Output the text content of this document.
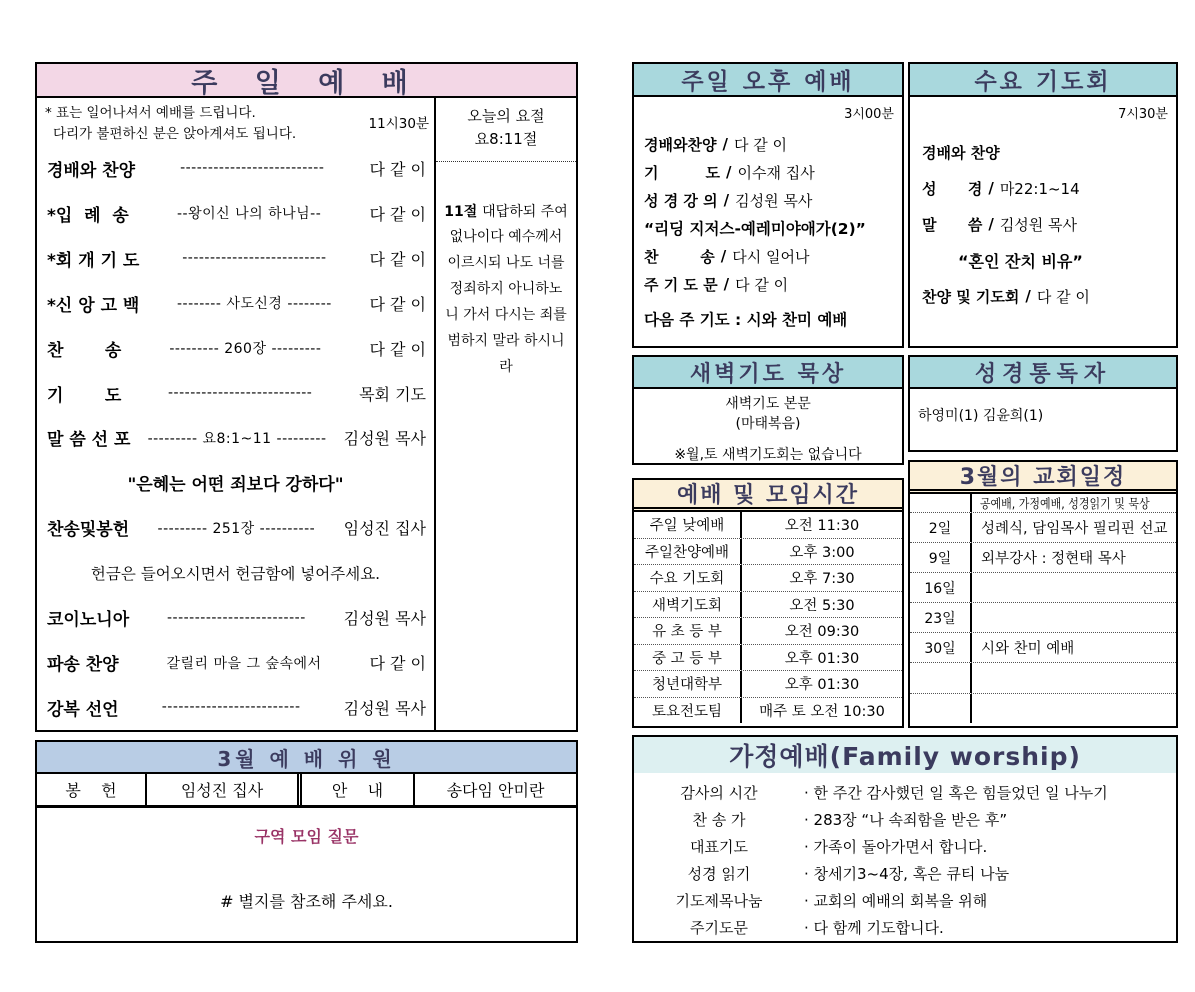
주 일 예 배
* 표는 일어나셔서 예배를 드립니다.
다리가 불편하신 분은 앉아계셔도 됩니다.
11시30분
경배와 찬양	--------------------------	다 같 이
*입  례  송	--왕이신 나의 하나님--	다 같 이
*회 개 기 도	--------------------------	다 같 이
*신 앙 고 백	-------- 사도신경 --------	다 같 이
찬       송	--------- 260장 ---------	다 같 이
기       도	--------------------------	목회 기도
말 씀 선 포	--------- 요8:1~11 ---------	김성원 목사
"은혜는 어떤 죄보다 강하다"
찬송및봉헌	--------- 251장 ----------	임성진 집사
헌금은 들어오시면서 헌금함에 넣어주세요.
코이노니아	-------------------------	김성원 목사
파송 찬양	갈릴리 마을 그 숲속에서	다 같 이
강복 선언	-------------------------	김성원 목사
오늘의 요절
요8:11절
11절 대답하되 주여 없나이다 예수께서 이르시되 나도 너를 정죄하지 아니하노니 가서 다시는 죄를 범하지 말라 하시니라
3월 예 배 위 원
봉    헌	임성진 집사	안    내	송다임 안미란
구역 모임 질문
# 별지를 참조해 주세요.
주일 오후 예배
3시00분
경배와찬양 / 다 같 이
기         도 / 이수재 집사
성 경 강 의 / 김성원 목사
“리딩 지저스-예레미야애가(2)”
찬        송 / 다시 일어나
주 기 도 문 / 다 같 이
다음 주 기도 : 시와 찬미 예배
수요 기도회
7시30분
경배와 찬양
성      경 / 마22:1~14
말      씀 / 김성원 목사
“혼인 잔치 비유”
찬양 및 기도회 / 다 같 이
새벽기도 묵상
새벽기도 본문
(마태복음)
※월,토 새벽기도회는 없습니다
성경통독자
하영미(1) 김윤희(1)
예배 및 모임시간
주일 낮예배	오전 11:30
주일찬양예배	오후 3:00
수요 기도회	오후 7:30
새벽기도회	오전 5:30
유 초 등 부	오전 09:30
중 고 등 부	오후 01:30
청년대학부	오후 01:30
토요전도팀	매주 토 오전 10:30
3월의 교회일정
공예배, 가정예배, 성경읽기 및 묵상
2일	성례식, 담임목사 필리핀 선교
9일	외부강사 : 정현태 목사
16일
23일
30일	시와 찬미 예배
가정예배(Family worship)
감사의 시간	· 한 주간 감사했던 일 혹은 힘들었던 일 나누기
찬 송 가	· 283장 “나 속죄함을 받은 후”
대표기도	· 가족이 돌아가면서 합니다.
성경 읽기	· 창세기3~4장, 혹은 큐티 나눔
기도제목나눔	· 교회의 예배의 회복을 위해
주기도문	· 다 함께 기도합니다.
